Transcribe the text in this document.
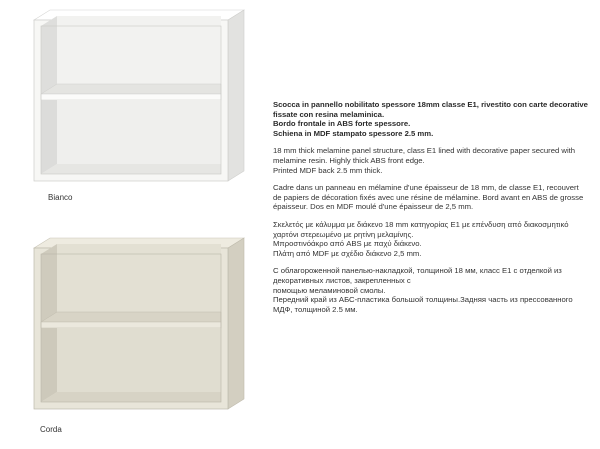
Bianco
Corda
Scocca in pannello nobilitato spessore 18mm classe E1, rivestito con carte decorative
fissate con resina melaminica.
Bordo frontale in ABS forte spessore.
Schiena in MDF stampato spessore 2.5 mm.
18 mm thick melamine panel structure, class E1 lined with decorative paper secured with
melamine resin. Highly thick ABS front edge.
Printed MDF back 2.5 mm thick.
Cadre dans un panneau en mélamine d'une épaisseur de 18 mm, de classe E1, recouvert
de papiers de décoration fixés avec une résine de mélamine. Bord avant en ABS de grosse
épaisseur. Dos en MDF moulé d'une épaisseur de 2,5 mm.
Σκελετός με κάλυμμα με διάκενο 18 mm κατηγορίας E1 με επένδυση από διακοσμητικό
χαρτόνι στερεωμένο με ρητίνη μελαμίνης.
Μπροστινόάκρο από ABS με παχύ διάκενο.
Πλάτη από MDF με σχέδιο διάκενο 2,5 mm.
С облагороженной панелью-накладкой, толщиной 18 мм, класс E1 с отделкой из
декоративных листов, закрепленных с
помощью меламиновой смолы.
Передний край из АБС-пластика большой толщины.Задняя часть из прессованного
МДФ, толщиной 2.5 мм.
